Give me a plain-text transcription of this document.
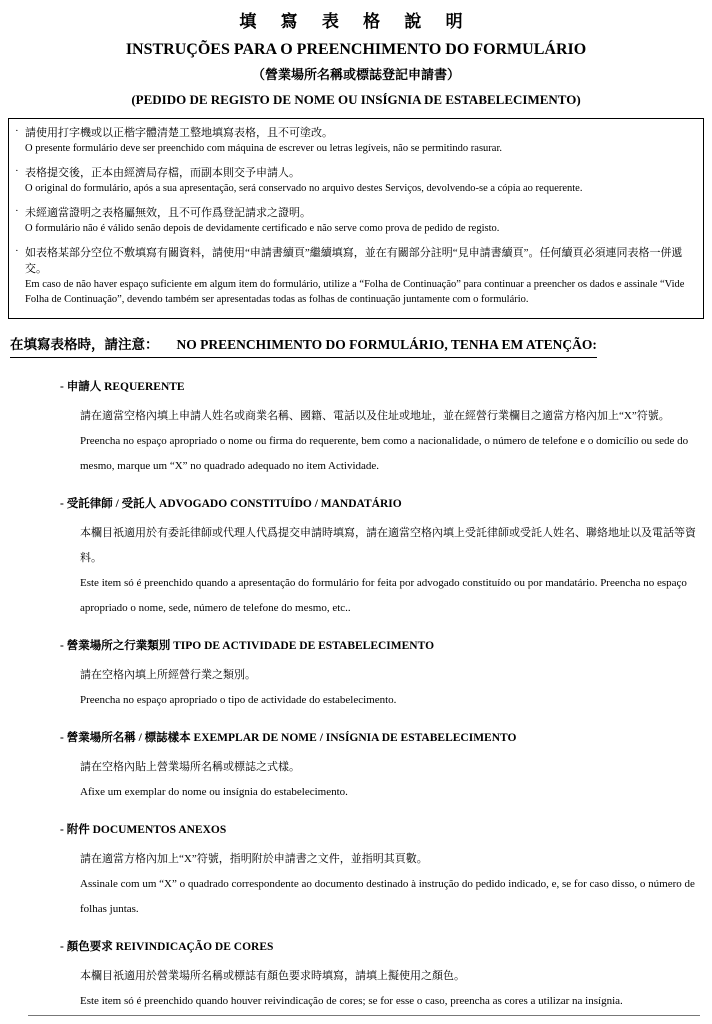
填 寫 表 格 說 明
INSTRUÇÕES PARA O PREENCHIMENTO DO FORMULÁRIO
（營業場所名稱或標誌登記申請書）
(PEDIDO DE REGISTO DE NOME OU INSÍGNIA DE ESTABELECIMENTO)
· 請使用打字機或以正楷字體清楚工整地填寫表格，且不可塗改。
O presente formulário deve ser preenchido com máquina de escrever ou letras legíveis, não se permitindo rasurar.
· 表格提交後，正本由經濟局存檔，而副本則交予申請人。
O original do formulário, após a sua apresentação, será conservado no arquivo destes Serviços, devolvendo-se a cópia ao requerente.
· 未經適當證明之表格屬無效，且不可作爲登記請求之證明。
O formulário não é válido senão depois de devidamente certificado e não serve como prova de pedido de registo.
· 如表格某部分空位不敷填寫有關資料，請使用“申請書續頁”繼續填寫，並在有關部分註明“見申請書續頁”。任何續頁必須連同表格一併遞交。
Em caso de não haver espaço suficiente em algum item do formulário, utilize a “Folha de Continuação” para continuar a preencher os dados e assinale “Vide Folha de Continuação”, devendo também ser apresentadas todas as folhas de continuação juntamente com o formulário.
在填寫表格時，請注意： NO PREENCHIMENTO DO FORMULÁRIO, TENHA EM ATENÇÃO:
- 申請人 REQUERENTE
請在適當空格內填上申請人姓名或商業名稱、國籍、電話以及住址或地址，並在經營行業欄目之適當方格內加上“X”符號。
Preencha no espaço apropriado o nome ou firma do requerente, bem como a nacionalidade, o número de telefone e o domicílio ou sede do mesmo, marque um “X” no quadrado adequado no item Actividade.
- 受託律師 / 受託人 ADVOGADO CONSTITUÍDO / MANDATÁRIO
本欄目祇適用於有委託律師或代理人代爲提交申請時填寫，請在適當空格內填上受託律師或受託人姓名、聯絡地址以及電話等資料。
Este item só é preenchido quando a apresentação do formulário for feita por advogado constituído ou por mandatário. Preencha no espaço apropriado o nome, sede, número de telefone do mesmo, etc..
- 營業場所之行業類別 TIPO DE ACTIVIDADE DE ESTABELECIMENTO
請在空格內填上所經營行業之類別。
Preencha no espaço apropriado o tipo de actividade do estabelecimento.
- 營業場所名稱 / 標誌樣本 EXEMPLAR DE NOME / INSÍGNIA DE ESTABELECIMENTO
請在空格內貼上營業場所名稱或標誌之式樣。
Afixe um exemplar do nome ou insígnia do estabelecimento.
- 附件 DOCUMENTOS ANEXOS
請在適當方格內加上“X”符號，指明附於申請書之文件，並指明其頁數。
Assinale com um “X” o quadrado correspondente ao documento destinado à instrução do pedido indicado, e, se for caso disso, o número de folhas juntas.
- 顏色要求 REIVINDICAÇÃO DE CORES
本欄目祇適用於營業場所名稱或標誌有顏色要求時填寫，請填上擬使用之顏色。
Este item só é preenchido quando houver reivindicação de cores; se for esse o caso, preencha as cores a utilizar na insígnia.
